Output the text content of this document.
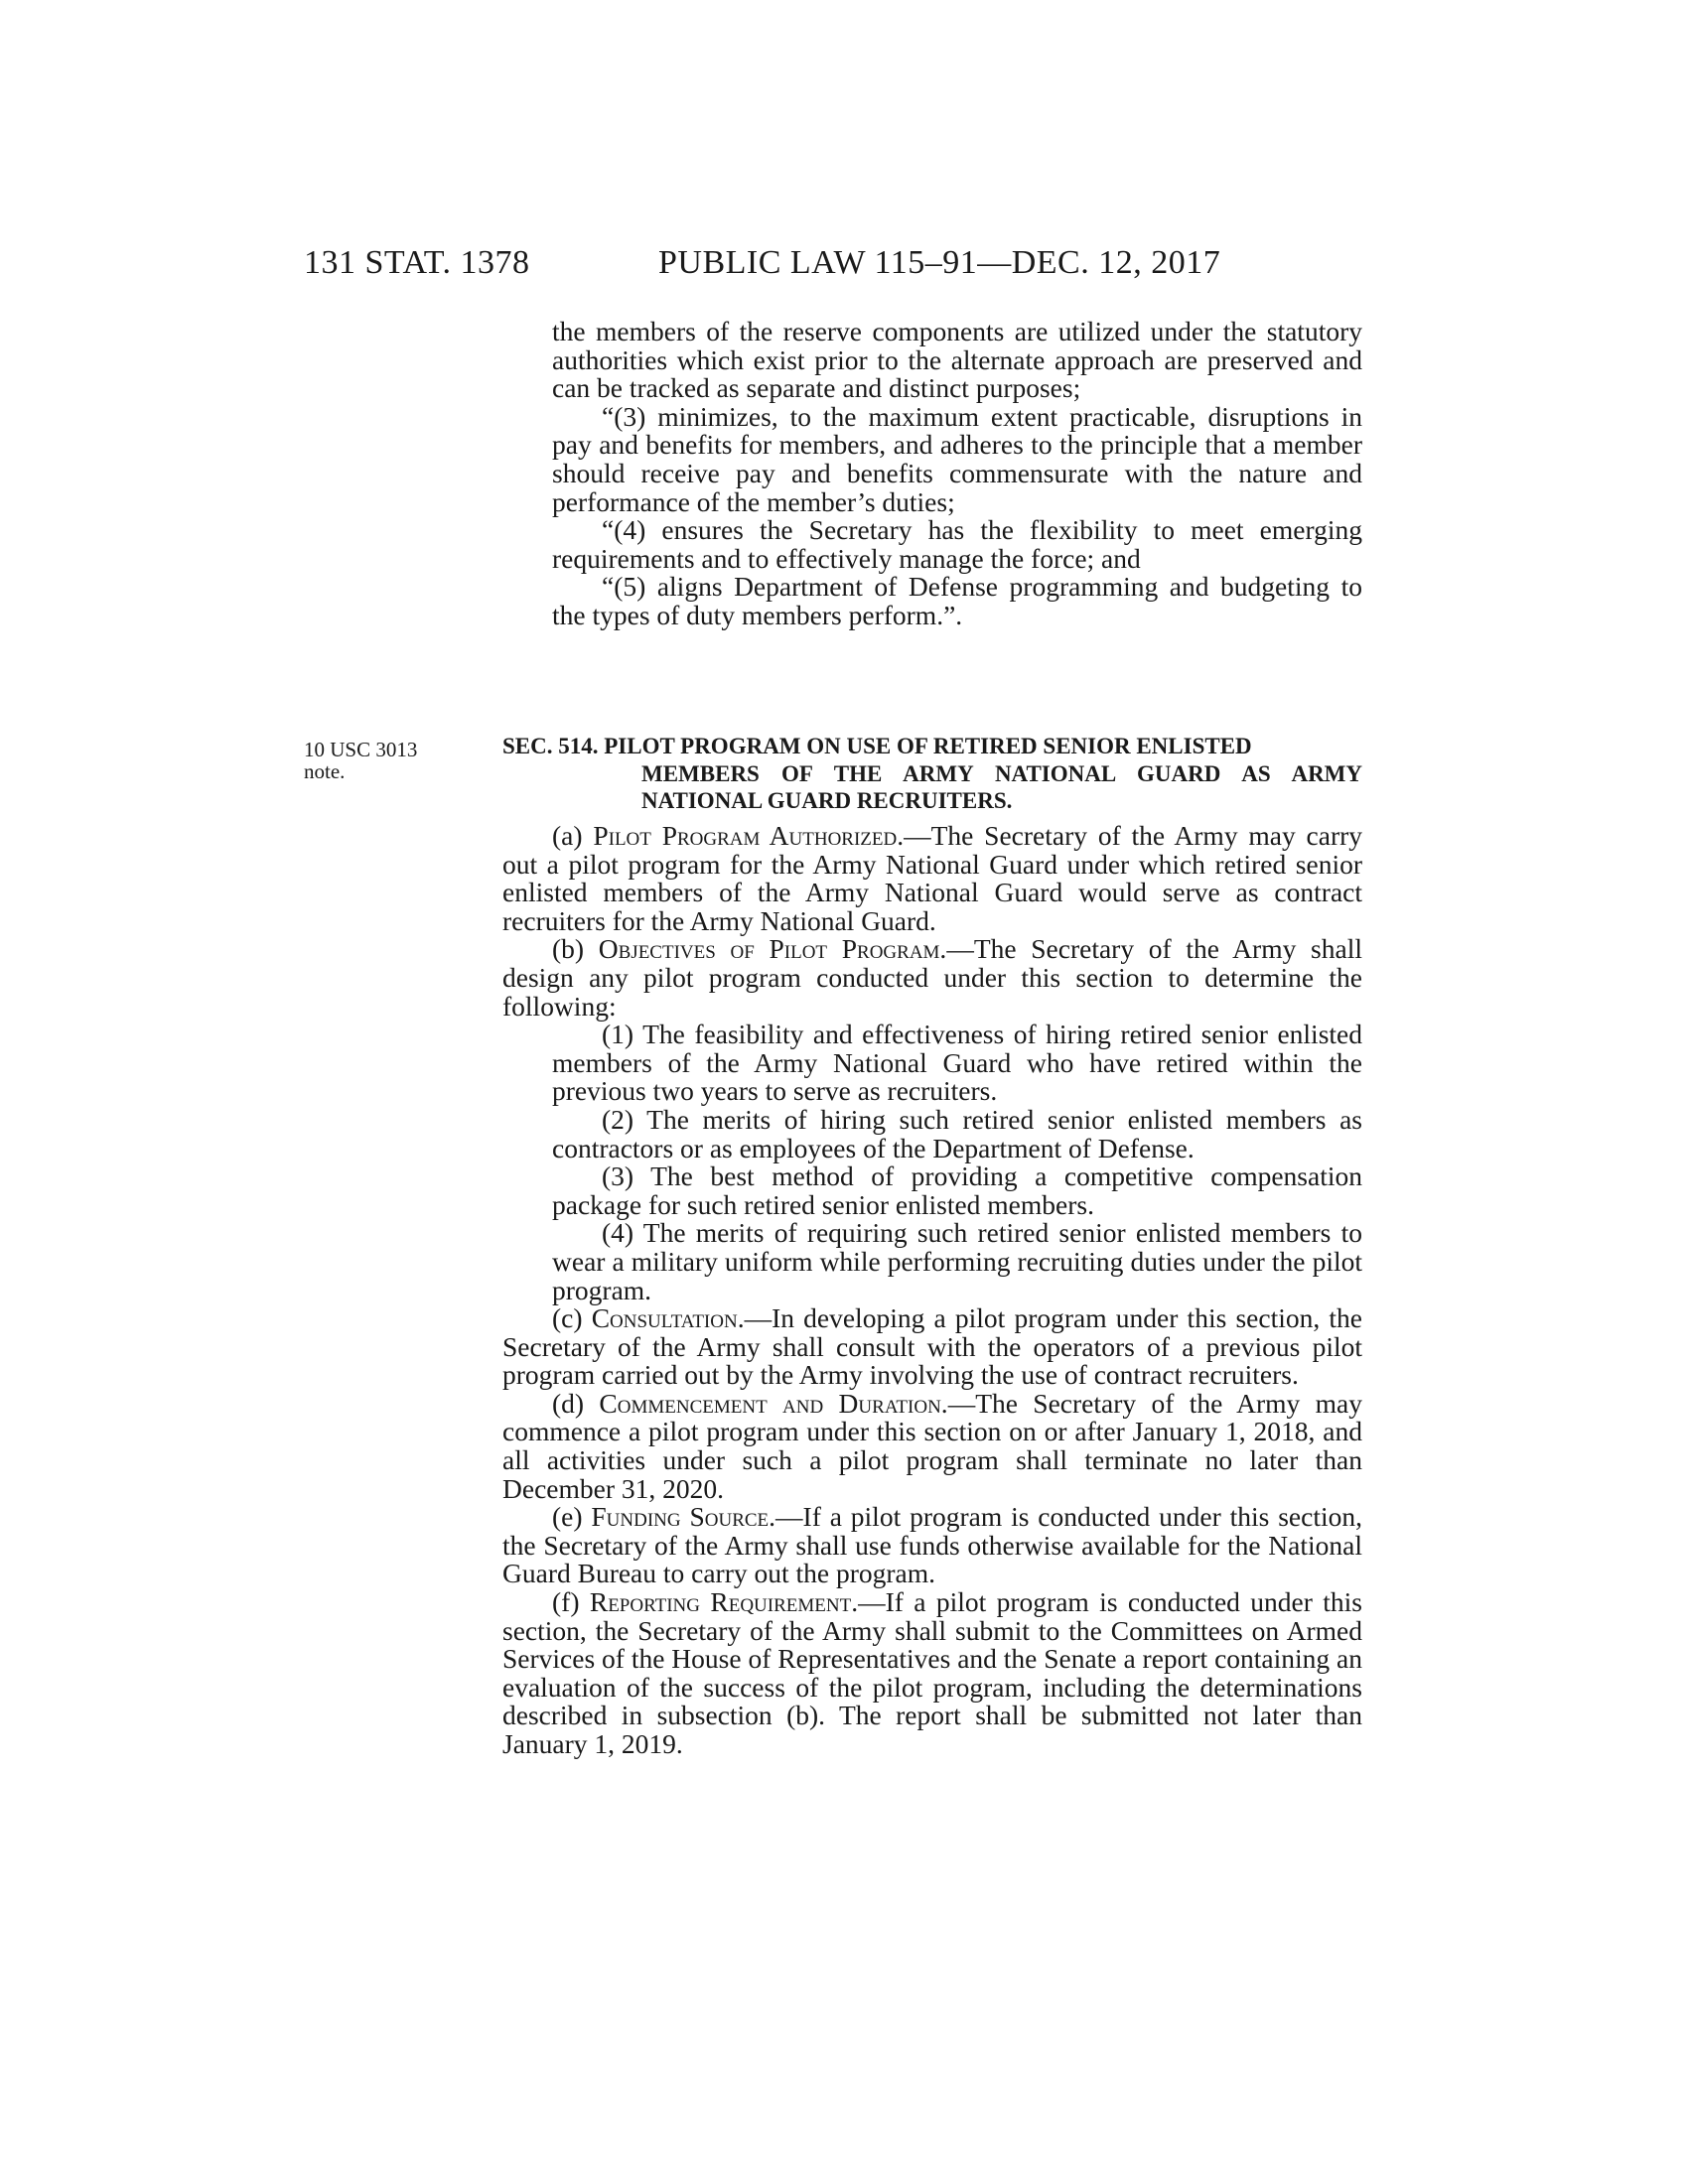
131 STAT. 1378	PUBLIC LAW 115–91—DEC. 12, 2017

the members of the reserve components are utilized under the statutory authorities which exist prior to the alternate approach are preserved and can be tracked as separate and distinct purposes;

“(3) minimizes, to the maximum extent practicable, disruptions in pay and benefits for members, and adheres to the principle that a member should receive pay and benefits commensurate with the nature and performance of the member’s duties;

“(4) ensures the Secretary has the flexibility to meet emerging requirements and to effectively manage the force; and

“(5) aligns Department of Defense programming and budgeting to the types of duty members perform.”.

10 USC 3013
note.
SEC. 514. PILOT PROGRAM ON USE OF RETIRED SENIOR ENLISTED
MEMBERS OF THE ARMY NATIONAL GUARD AS ARMY NATIONAL GUARD RECRUITERS.

(a) Pilot Program Authorized.—The Secretary of the Army may carry out a pilot program for the Army National Guard under which retired senior enlisted members of the Army National Guard would serve as contract recruiters for the Army National Guard.

(b) Objectives of Pilot Program.—The Secretary of the Army shall design any pilot program conducted under this section to determine the following:

(1) The feasibility and effectiveness of hiring retired senior enlisted members of the Army National Guard who have retired within the previous two years to serve as recruiters.

(2) The merits of hiring such retired senior enlisted members as contractors or as employees of the Department of Defense.

(3) The best method of providing a competitive compensation package for such retired senior enlisted members.

(4) The merits of requiring such retired senior enlisted members to wear a military uniform while performing recruiting duties under the pilot program.

(c) Consultation.—In developing a pilot program under this section, the Secretary of the Army shall consult with the operators of a previous pilot program carried out by the Army involving the use of contract recruiters.

(d) Commencement and Duration.—The Secretary of the Army may commence a pilot program under this section on or after January 1, 2018, and all activities under such a pilot program shall terminate no later than December 31, 2020.

(e) Funding Source.—If a pilot program is conducted under this section, the Secretary of the Army shall use funds otherwise available for the National Guard Bureau to carry out the program.

(f) Reporting Requirement.—If a pilot program is conducted under this section, the Secretary of the Army shall submit to the Committees on Armed Services of the House of Representatives and the Senate a report containing an evaluation of the success of the pilot program, including the determinations described in subsection (b). The report shall be submitted not later than January 1, 2019.
